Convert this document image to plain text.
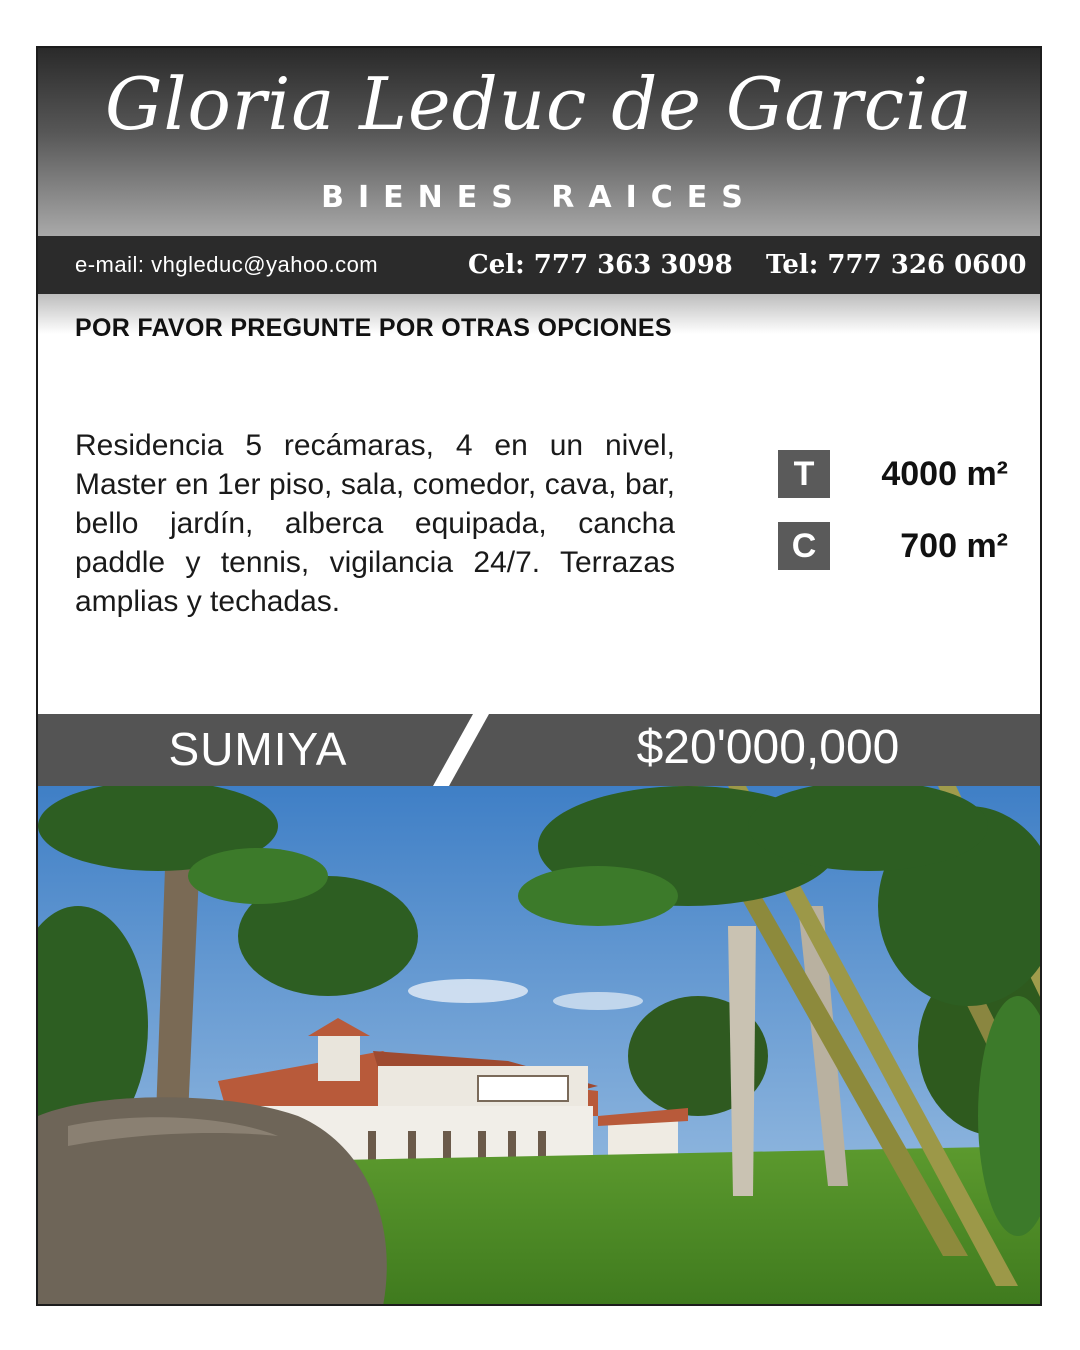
Gloria Leduc de Garcia
BIENES RAICES
e-mail: vhgleduc@yahoo.com	Cel: 777 363 3098 Tel: 777 326 0600
POR FAVOR PREGUNTE POR OTRAS OPCIONES
Residencia 5 recámaras, 4 en un nivel, Master en 1er piso, sala, comedor, cava, bar, bello jardín, alberca equipada, cancha paddle y tennis, vigilancia 24/7. Terrazas amplias y techadas.
T	4000 m²
C	700 m²
SUMIYA	$20'000,000
